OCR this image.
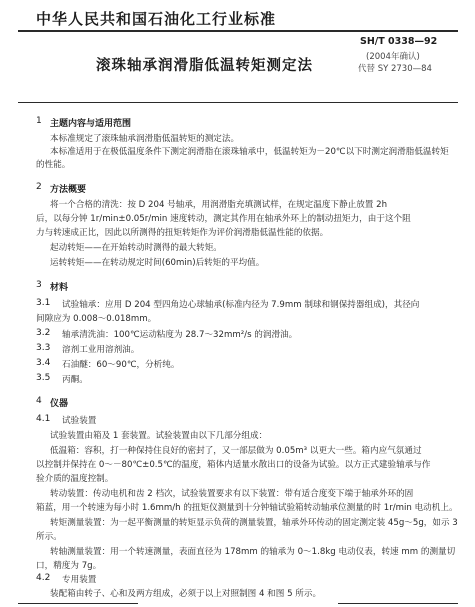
中华人民共和国石油化工行业标准
SH/T 0338—92
滚珠轴承润滑脂低温转矩测定法
(2004年确认)
代替 SY 2730—84
1 主题内容与适用范围
本标准规定了滚珠轴承润滑脂低温转矩的测定法。
本标准适用于在极低温度条件下测定润滑脂在滚珠轴承中，低温转矩为－20℃以下时测定润滑脂低温转矩
的性能。
2 方法概要
将一个合格的清洗：按 D 204 号轴承，用润滑脂充填测试样，在规定温度下静止放置 2h
后，以每分钟 1r/min±0.05r/min 速度转动，测定其作用在轴承外环上的制动扭矩力，由于这个阻
力与转速成正比，因此以所测得的扭矩转矩作为评价润滑脂低温性能的依据。
起动转矩——在开始转动时测得的最大转矩。
运转转矩——在转动规定时间(60min)后转矩的平均值。
3 材料
3.1 试验轴承：应用 D 204 型四角边心球轴承(标准内径为 7.9mm 制球和钢保持器组成)，其径向
间隙应为 0.008～0.018mm。
3.2 轴承清洗油：100℃运动粘度为 28.7～32mm²/s 的润滑油。
3.3 溶剂工业用溶剂油。
3.4 石油醚：60～90℃，分析纯。
3.5 丙酮。
4 仪器
4.1 试验装置
试验装置由箱及 1 套装置。试验装置由以下几部分组成：
低温箱：容积，打一种保持住良好的密封了，又一部层做为 0.05m³ 以更大一些。箱内应气氛通过
以控制并保持在 0～－80℃±0.5℃的温度，箱体内适量水散出口的设备为试验。以方正式建验轴承与作
验介质的温度控制。
转动装置：传动电机和齿 2 档次，试验装置要求有以下装置：带有适合度变下端于轴承外环的固
箱蓝，用一个转速为每小时 1.6mm/h 的扭矩仪测量到十分钟轴试验箱转动轴承位测量的时 1r/min 电动机上。
转矩测量装置：为一起平衡测量的转矩显示负荷的测量装置，轴承外环传动的固定测定装 45g～5g，如示 3
所示。
转轴测量装置：用一个转速测量，表面直径为 178mm 的轴承为 0～1.8kg 电动仪表，转速 mm 的测量切
口，精度为 7g。
4.2 专用装置
装配箱由转子、心和及两方组成，必须于以上对照制图 4 和图 5 所示。
